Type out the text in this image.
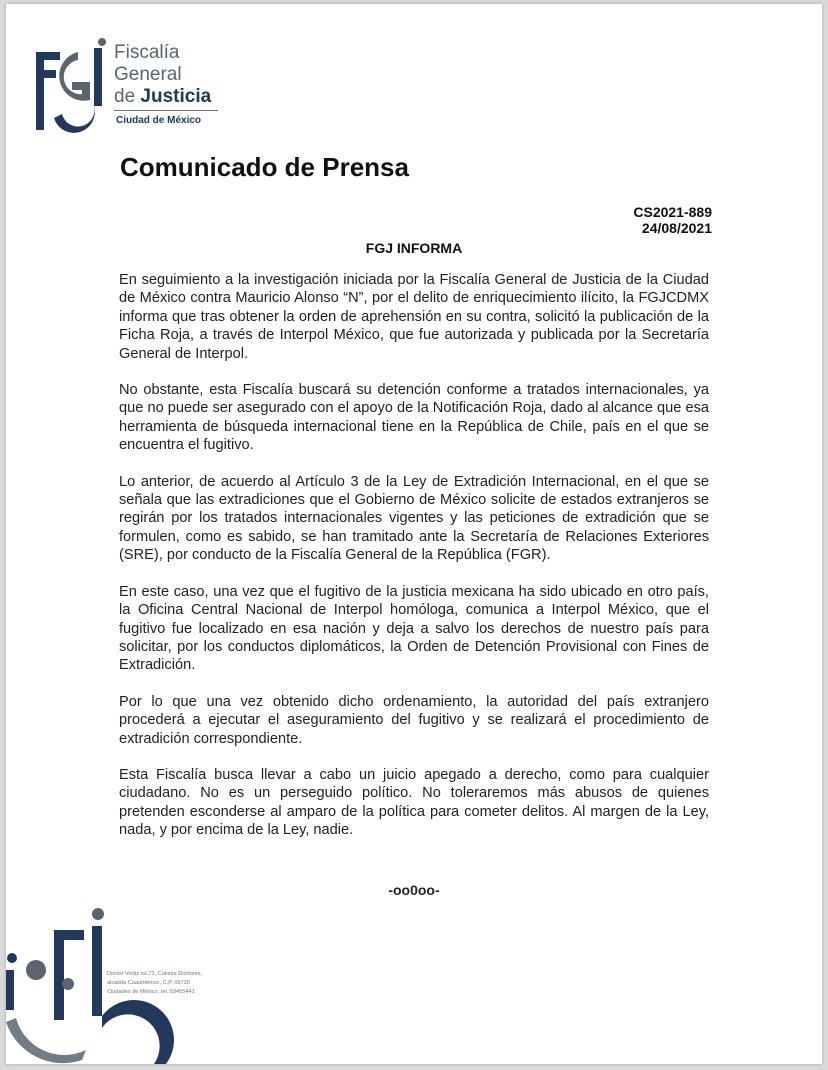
Fiscalía
General
de Justicia
Ciudad de México
Comunicado de Prensa
CS2021-889
24/08/2021
FGJ INFORMA

En seguimiento a la investigación iniciada por la Fiscalía General de Justicia de la Ciudad de México contra Mauricio Alonso “N”, por el delito de enriquecimiento ilícito, la FGJCDMX informa que tras obtener la orden de aprehensión en su contra, solicitó la publicación de la Ficha Roja, a través de Interpol México, que fue autorizada y publicada por la Secretaría General de Interpol.

No obstante, esta Fiscalía buscará su detención conforme a tratados internacionales, ya que no puede ser asegurado con el apoyo de la Notificación Roja, dado al alcance que esa herramienta de búsqueda internacional tiene en la República de Chile, país en el que se encuentra el fugitivo.

Lo anterior, de acuerdo al Artículo 3 de la Ley de Extradición Internacional, en el que se señala que las extradiciones que el Gobierno de México solicite de estados extranjeros se regirán por los tratados internacionales vigentes y las peticiones de extradición que se formulen, como es sabido, se han tramitado ante la Secretaría de Relaciones Exteriores (SRE), por conducto de la Fiscalía General de la República (FGR).

En este caso, una vez que el fugitivo de la justicia mexicana ha sido ubicado en otro país, la Oficina Central Nacional de Interpol homóloga, comunica a Interpol México, que el fugitivo fue localizado en esa nación y deja a salvo los derechos de nuestro país para solicitar, por los conductos diplomáticos, la Orden de Detención Provisional con Fines de Extradición.

Por lo que una vez obtenido dicho ordenamiento, la autoridad del país extranjero procederá a ejecutar el aseguramiento del fugitivo y se realizará el procedimiento de extradición correspondiente.

Esta Fiscalía busca llevar a cabo un juicio apegado a derecho, como para cualquier ciudadano. No es un perseguido político. No toleraremos más abusos de quienes pretenden esconderse al amparo de la política para cometer delitos. Al margen de la Ley, nada, y por encima de la Ley, nadie.

-oo0oo-
Doctor Vertiz no.71, Colonia Doctores,
alcaldía Cuauhtémoc, C.P. 06720
Ciudades de México, tel.:53455441
